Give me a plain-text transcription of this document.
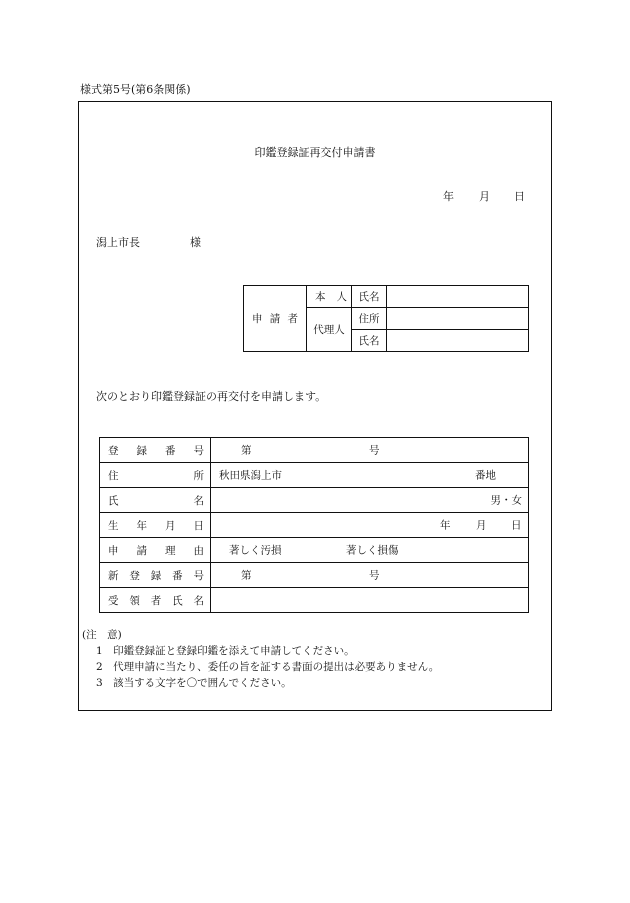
様式第5号(第6条関係)
印鑑登録証再交付申請書
年 月 日
潟上市長	様
申 請 者	本 人	氏名	
	代理人	住所	
		氏名	
次のとおり印鑑登録証の再交付を申請します。
登 録 番 号	第 号

住 所	秋田県潟上市 番地

氏 名	男・女

生 年 月 日	年 月 日

申 請 理 由	著しく汚損 著しく損傷

新 登 録 番 号	第 号

受 領 者 氏 名	

(注　意)
1　印鑑登録証と登録印鑑を添えて申請してください。
2　代理申請に当たり、委任の旨を証する書面の提出は必要ありません。
3　該当する文字を〇で囲んでください。
